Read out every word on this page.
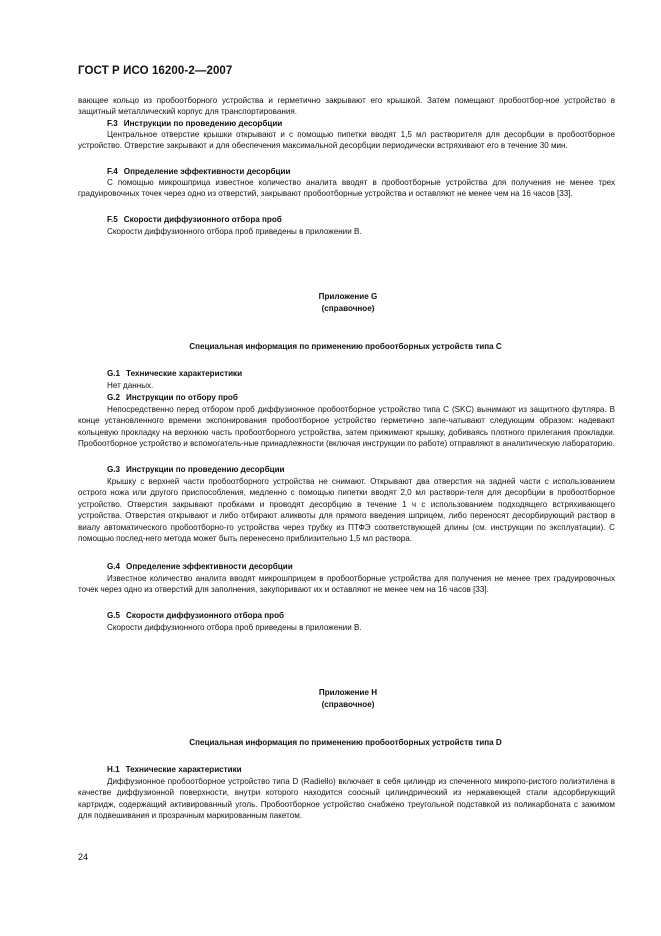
ГОСТ Р ИСО 16200-2—2007

вающее кольцо из пробоотборного устройства и герметично закрывают его крышкой. Затем помещают пробоотбор-ное устройство в защитный металлический корпус для транспортирования.

F.3 Инструкции по проведению десорбции

Центральное отверстие крышки открывают и с помощью пипетки вводят 1,5 мл растворителя для десорбции в пробоотборное устройство. Отверстие закрывают и для обеспечения максимальной десорбции периодически встряхивают его в течение 30 мин.

F.4 Определение эффективности десорбции

С помощью микрошприца известное количество аналита вводят в пробоотборные устройства для получения не менее трех градуировочных точек через одно из отверстий, закрывают пробоотборные устройства и оставляют не менее чем на 16 часов [33].

F.5 Скорости диффузионного отбора проб
Скорости диффузионного отбора проб приведены в приложении В.
Приложение G
(справочное)
Специальная информация по применению пробоотборных устройств типа С
G.1 Технические характеристики
Нет данных.
G.2 Инструкции по отбору проб

Непосредственно перед отбором проб диффузионное пробоотборное устройство типа С (SKC) вынимают из защитного футляра. В конце установленного времени экспонирования пробоотборное устройство герметично запе-чатывают следующим образом: надевают кольцевую прокладку на верхнюю часть пробоотборного устройства, затем прижимают крышку, добиваясь плотного прилегания прокладки. Пробоотборное устройство и вспомогатель-ные принадлежности (включая инструкции по работе) отправляют в аналитическую лабораторию.

G.3 Инструкции по проведению десорбции

Крышку с верхней части пробоотборного устройства не снимают. Открывают два отверстия на задней части с использованием острого ножа или другого приспособления, медленно с помощью пипетки вводят 2,0 мл раствори-теля для десорбции в пробоотборное устройство. Отверстия закрывают пробками и проводят десорбцию в течение 1 ч с использованием подходящего встряхивающего устройства. Отверстия открывают и либо отбирают аликвоты для прямого введения шприцем, либо переносят десорбирующий раствор в виалу автоматического пробоотборно-го устройства через трубку из ПТФЭ соответствующей длины (см. инструкции по эксплуатации). С помощью послед-него метода может быть перенесено приблизительно 1,5 мл раствора.

G.4 Определение эффективности десорбции

Известное количество аналита вводят микрошприцем в пробоотборные устройства для получения не менее трех градуировочных точек через одно из отверстий для заполнения, закупоривают их и оставляют не менее чем на 16 часов [33].

G.5 Скорости диффузионного отбора проб
Скорости диффузионного отбора проб приведены в приложении В.
Приложение H
(справочное)
Специальная информация по применению пробоотборных устройств типа D
Н.1 Технические характеристики

Диффузионное пробоотборное устройство типа D (Radiello) включает в себя цилиндр из спеченного микропо-ристого полиэтилена в качестве диффузионной поверхности, внутри которого находится соосный цилиндрический из нержавеющей стали адсорбирующий картридж, содержащий активированный уголь. Пробоотборное устройство снабжено треугольной подставкой из поликарбоната с зажимом для подвешивания и прозрачным маркированным пакетом.

24
